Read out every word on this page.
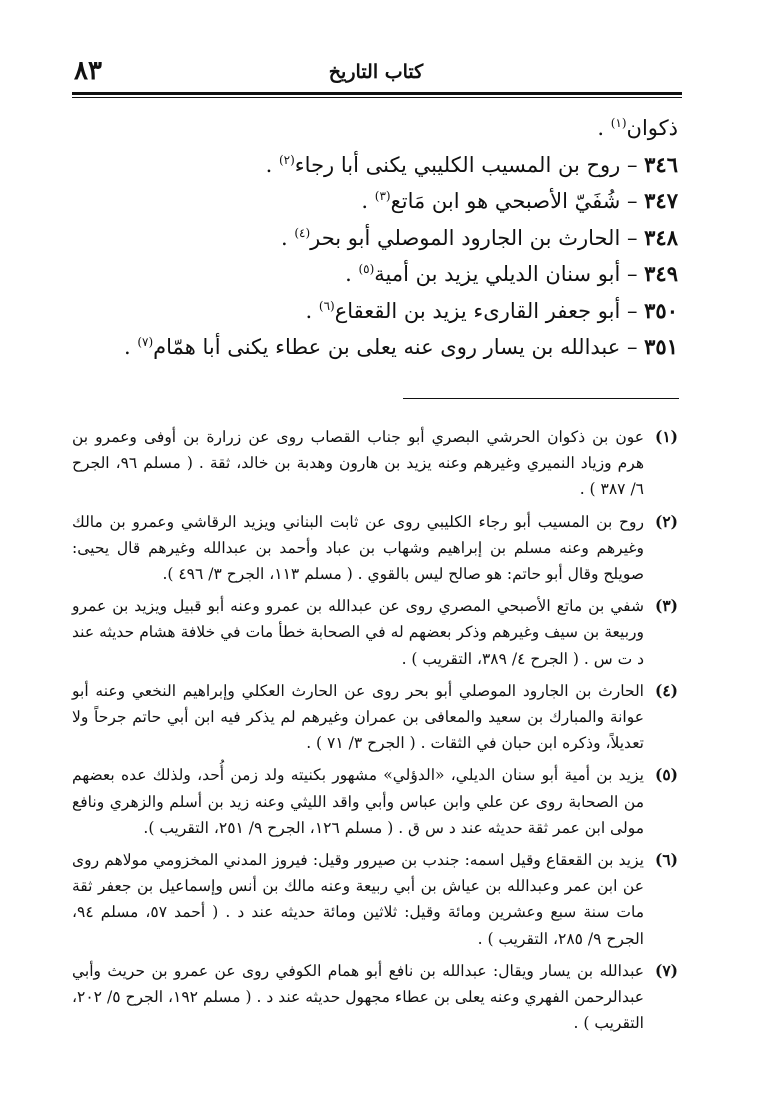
٨٣	كتاب التاريخ
ذكوان$^{(١)}$ .
٣٤٦ – روح بن المسيب الكليبي يكنى أبا رجاء$^{(٢)}$ .
٣٤٧ – شُفَيّ الأصبحي هو ابن مَاتع$^{(٣)}$ .
٣٤٨ – الحارث بن الجارود الموصلي أبو بحر$^{(٤)}$ .
٣٤٩ – أبو سنان الديلي يزيد بن أمية$^{(٥)}$ .
٣٥٠ – أبو جعفر القارىء يزيد بن القعقاع$^{(٦)}$ .
٣٥١ – عبدالله بن يسار روى عنه يعلى بن عطاء يكنى أبا همّام$^{(٧)}$ .
(١)
عون بن ذكوان الحرشي البصري أبو جناب القصاب روى عن زرارة بن أوفى وعمرو بن هرم وزياد النميري وغيرهم وعنه يزيد بن هارون وهدبة بن خالد، ثقة . ( مسلم ٩٦، الجرح ٦/ ٣٨٧ ) .
(٢)
روح بن المسيب أبو رجاء الكليبي روى عن ثابت البناني ويزيد الرقاشي وعمرو بن مالك وغيرهم وعنه مسلم بن إبراهيم وشهاب بن عباد وأحمد بن عبدالله وغيرهم قال يحيى: صويلح وقال أبو حاتم: هو صالح ليس بالقوي . ( مسلم ١١٣، الجرح ٣/ ٤٩٦ ).
(٣)
شفي بن ماتع الأصبحي المصري روى عن عبدالله بن عمرو وعنه أبو قبيل ويزيد بن عمرو وربيعة بن سيف وغيرهم وذكر بعضهم له في الصحابة خطأ مات في خلافة هشام حديثه عند د ت س . ( الجرح ٤/ ٣٨٩، التقريب ) .
(٤)
الحارث بن الجارود الموصلي أبو بحر روى عن الحارث العكلي وإبراهيم النخعي وعنه أبو عوانة والمبارك بن سعيد والمعافى بن عمران وغيرهم لم يذكر فيه ابن أبي حاتم جرحاً ولا تعديلاً، وذكره ابن حبان في الثقات . ( الجرح ٣/ ٧١ ) .
(٥)
يزيد بن أمية أبو سنان الديلي، «الدؤلي» مشهور بكنيته ولد زمن أُحد، ولذلك عده بعضهم من الصحابة روى عن علي وابن عباس وأبي واقد الليثي وعنه زيد بن أسلم والزهري ونافع مولى ابن عمر ثقة حديثه عند د س ق . ( مسلم ١٢٦، الجرح ٩/ ٢٥١، التقريب ).
(٦)
يزيد بن القعقاع وقيل اسمه: جندب بن صيرور وقيل: فيروز المدني المخزومي مولاهم روى عن ابن عمر وعبدالله بن عياش بن أبي ربيعة وعنه مالك بن أنس وإسماعيل بن جعفر ثقة مات سنة سبع وعشرين ومائة وقيل: ثلاثين ومائة حديثه عند د . ( أحمد ٥٧، مسلم ٩٤، الجرح ٩/ ٢٨٥، التقريب ) .
(٧)
عبدالله بن يسار ويقال: عبدالله بن نافع أبو همام الكوفي روى عن عمرو بن حريث وأبي عبدالرحمن الفهري وعنه يعلى بن عطاء مجهول حديثه عند د . ( مسلم ١٩٢، الجرح ٥/ ٢٠٢، التقريب ) .
